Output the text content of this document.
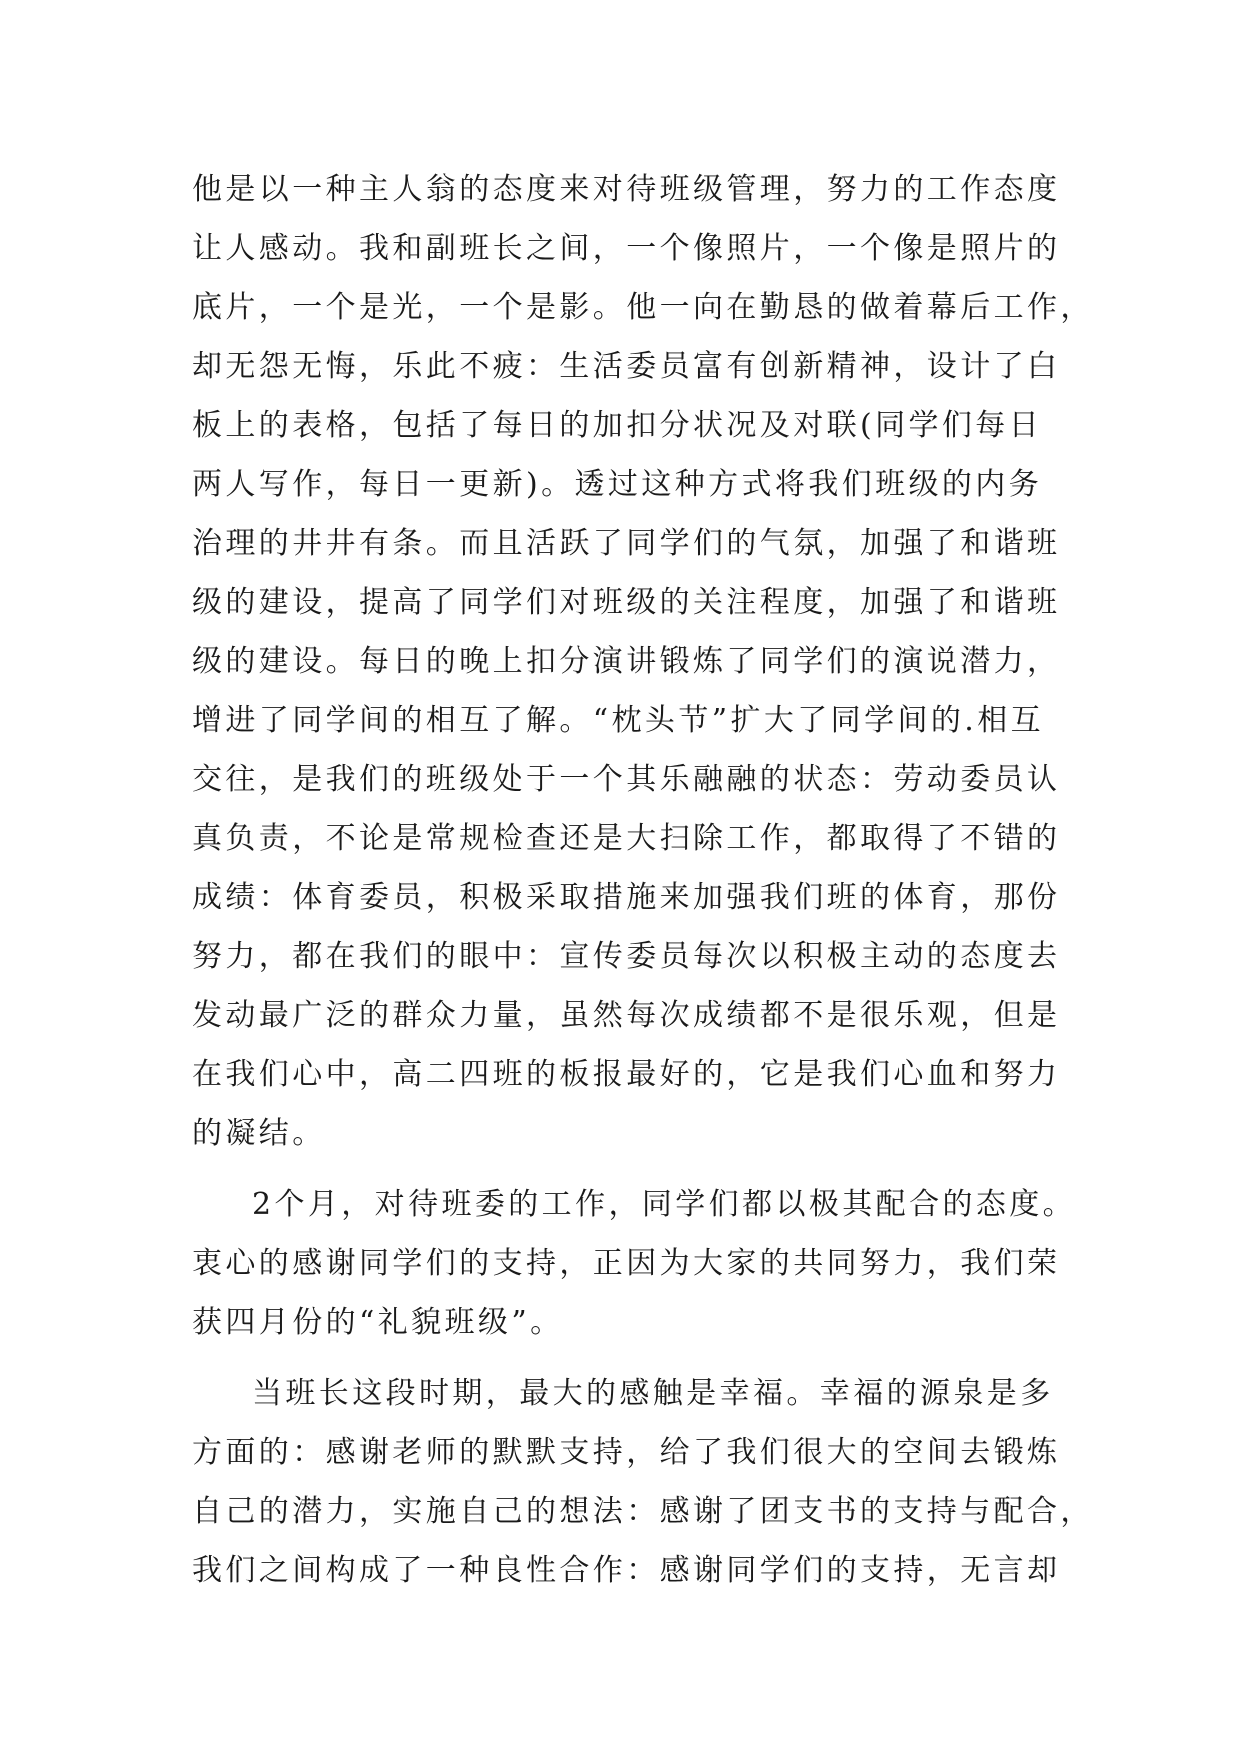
他是以一种主人翁的态度来对待班级管理，努力的工作态度
让人感动。我和副班长之间，一个像照片，一个像是照片的
底片，一个是光，一个是影。他一向在勤恳的做着幕后工作，
却无怨无悔，乐此不疲：生活委员富有创新精神，设计了白
板上的表格，包括了每日的加扣分状况及对联(同学们每日
两人写作，每日一更新)。透过这种方式将我们班级的内务
治理的井井有条。而且活跃了同学们的气氛，加强了和谐班
级的建设，提高了同学们对班级的关注程度，加强了和谐班
级的建设。每日的晚上扣分演讲锻炼了同学们的演说潜力，
增进了同学间的相互了解。“枕头节”扩大了同学间的.相互
交往，是我们的班级处于一个其乐融融的状态：劳动委员认
真负责，不论是常规检查还是大扫除工作，都取得了不错的
成绩：体育委员，积极采取措施来加强我们班的体育，那份
努力，都在我们的眼中：宣传委员每次以积极主动的态度去
发动最广泛的群众力量，虽然每次成绩都不是很乐观，但是
在我们心中，高二四班的板报最好的，它是我们心血和努力
的凝结。
2个月，对待班委的工作，同学们都以极其配合的态度。
衷心的感谢同学们的支持，正因为大家的共同努力，我们荣
获四月份的“礼貌班级”。
当班长这段时期，最大的感触是幸福。幸福的源泉是多
方面的：感谢老师的默默支持，给了我们很大的空间去锻炼
自己的潜力，实施自己的想法：感谢了团支书的支持与配合，
我们之间构成了一种良性合作：感谢同学们的支持，无言却
